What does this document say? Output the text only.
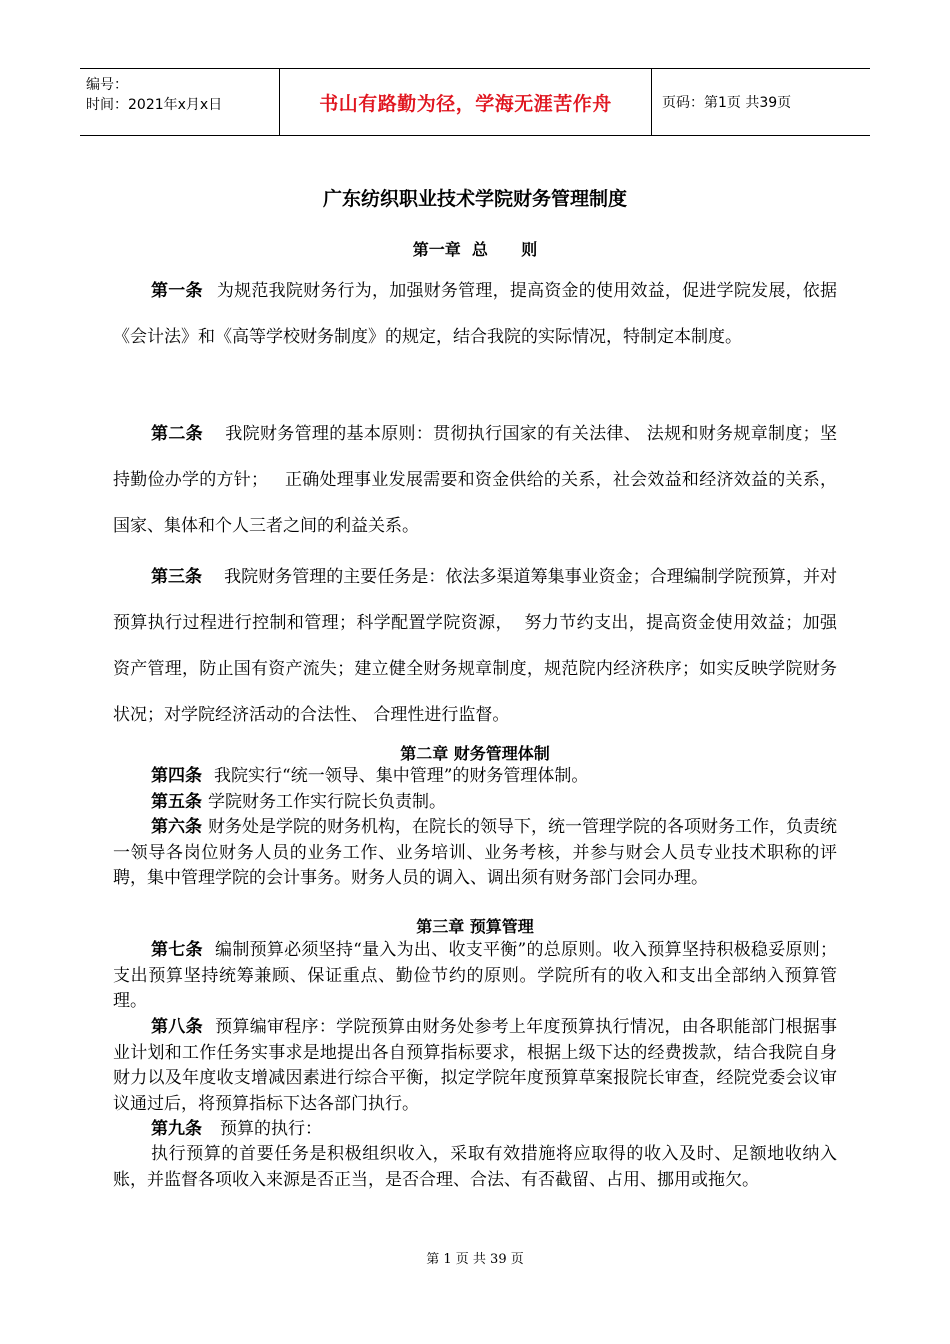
编号：
时间：2021年x月x日	书山有路勤为径，学海无涯苦作舟	页码：第1页 共39页
广东纺织职业技术学院财务管理制度
第一章  总      则
第一条 为规范我院财务行为，加强财务管理，提高资金的使用效益，促进学院发展，依据《会计法》和《高等学校财务制度》的规定，结合我院的实际情况，特制定本制度。
第二条 我院财务管理的基本原则：贯彻执行国家的有关法律、 法规和财务规章制度；坚持勤俭办学的方针；   正确处理事业发展需要和资金供给的关系，社会效益和经济效益的关系，国家、集体和个人三者之间的利益关系。
第三条 我院财务管理的主要任务是：依法多渠道筹集事业资金；合理编制学院预算，并对预算执行过程进行控制和管理；科学配置学院资源，  努力节约支出，提高资金使用效益；加强资产管理，防止国有资产流失；建立健全财务规章制度，规范院内经济秩序；如实反映学院财务状况；对学院经济活动的合法性、 合理性进行监督。
第二章 财务管理体制
第四条 我院实行“统一领导、集中管理”的财务管理体制。
第五条 学院财务工作实行院长负责制。
第六条 财务处是学院的财务机构，在院长的领导下，统一管理学院的各项财务工作，负责统一领导各岗位财务人员的业务工作、业务培训、业务考核，并参与财会人员专业技术职称的评聘，集中管理学院的会计事务。财务人员的调入、调出须有财务部门会同办理。
第三章 预算管理
第七条 编制预算必须坚持“量入为出、收支平衡”的总原则。收入预算坚持积极稳妥原则；支出预算坚持统筹兼顾、保证重点、勤俭节约的原则。学院所有的收入和支出全部纳入预算管理。
第八条 预算编审程序：学院预算由财务处参考上年度预算执行情况，由各职能部门根据事业计划和工作任务实事求是地提出各自预算指标要求，根据上级下达的经费拨款，结合我院自身财力以及年度收支增减因素进行综合平衡，拟定学院年度预算草案报院长审查，经院党委会议审议通过后，将预算指标下达各部门执行。
第九条 预算的执行：
执行预算的首要任务是积极组织收入，采取有效措施将应取得的收入及时、足额地收纳入账，并监督各项收入来源是否正当，是否合理、合法、有否截留、占用、挪用或拖欠。
第 1 页 共 39 页
